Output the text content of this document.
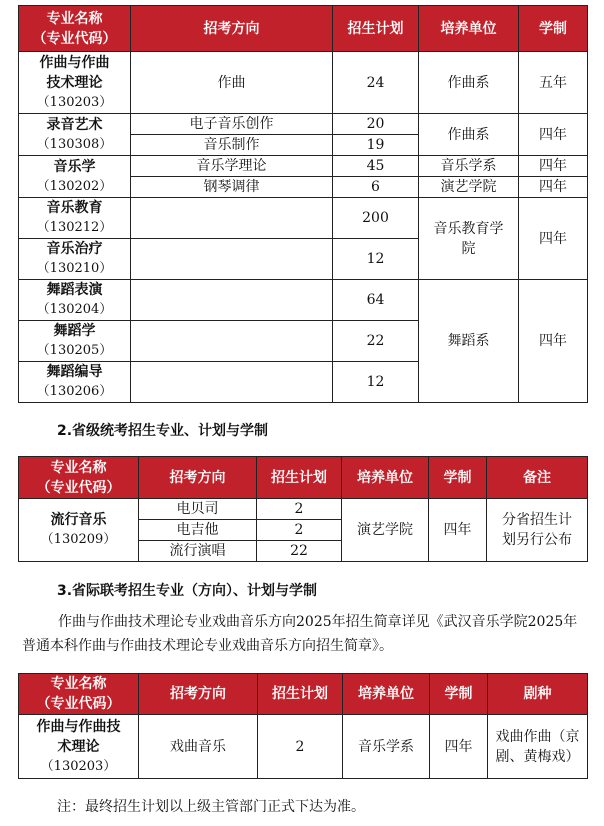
专业名称
（专业代码）	招考方向	招生计划	培养单位	学制

作曲与作曲
技术理论
（130203）	作曲	24	作曲系	五年

录音艺术
（130308）	电子音乐创作	20	作曲系	四年
	音乐制作	19		

音乐学
（130202）	音乐学理论	45	音乐学系	四年
	钢琴调律	6	演艺学院	四年

音乐教育
（130212）		200	音乐教育学
院	四年

音乐治疗
（130210）		12		

舞蹈表演
（130204）		64	舞蹈系	四年

舞蹈学
（130205）		22		

舞蹈编导
（130206）		12		
2.省级统考招生专业、计划与学制
专业名称
（专业代码）	招考方向	招生计划	培养单位	学制	备注

流行音乐
（130209）	电贝司	2	演艺学院	四年	分省招生计
划另行公布
	电吉他	2			
	流行演唱	22			
3.省际联考招生专业（方向）、计划与学制

作曲与作曲技术理论专业戏曲音乐方向2025年招生简章详见《武汉音乐学院2025年普通本科作曲与作曲技术理论专业戏曲音乐方向招生简章》。

专业名称
（专业代码）	招考方向	招生计划	培养单位	学制	剧种

作曲与作曲技
术理论
（130203）	戏曲音乐	2	音乐学系	四年	戏曲作曲（京
剧、黄梅戏）
注：最终招生计划以上级主管部门正式下达为准。
